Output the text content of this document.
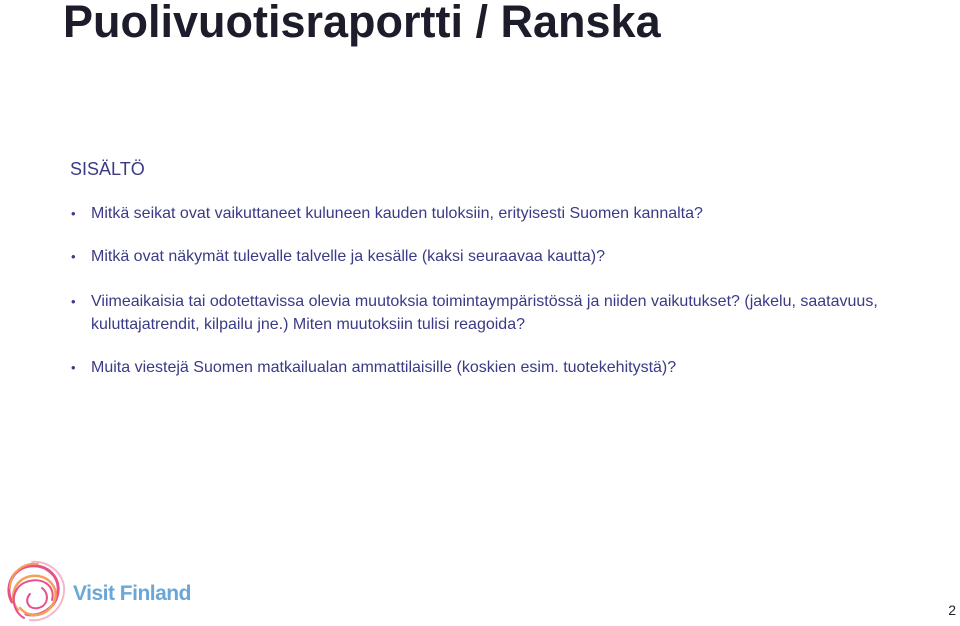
Puolivuotisraportti / Ranska
SISÄLTÖ
• Mitkä seikat ovat vaikuttaneet kuluneen kauden tuloksiin, erityisesti Suomen kannalta?
• Mitkä ovat näkymät tulevalle talvelle ja kesälle (kaksi seuraavaa kautta)?
• Viimeaikaisia tai odotettavissa olevia muutoksia toimintaympäristössä ja niiden vaikutukset? (jakelu, saatavuus, kuluttajatrendit, kilpailu jne.) Miten muutoksiin tulisi reagoida?
• Muita viestejä Suomen matkailualan ammattilaisille (koskien esim. tuotekehitystä)?
Visit Finland
2
